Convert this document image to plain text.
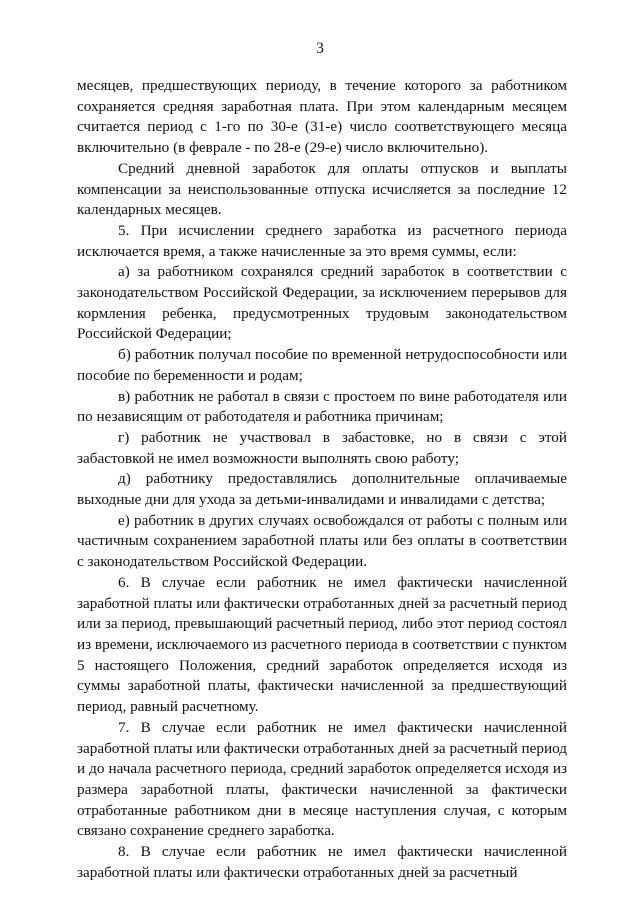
3

месяцев, предшествующих периоду, в течение которого за работником сохраняется средняя заработная плата. При этом календарным месяцем считается период с 1-го по 30-е (31-е) число соответствующего месяца включительно (в феврале - по 28-е (29-е) число включительно).

Средний дневной заработок для оплаты отпусков и выплаты компенсации за неиспользованные отпуска исчисляется за последние 12 календарных месяцев.

5. При исчислении среднего заработка из расчетного периода исключается время, а также начисленные за это время суммы, если:

а) за работником сохранялся средний заработок в соответствии с законодательством Российской Федерации, за исключением перерывов для кормления ребенка, предусмотренных трудовым законодательством Российской Федерации;

б) работник получал пособие по временной нетрудоспособности или пособие по беременности и родам;

в) работник не работал в связи с простоем по вине работодателя или по независящим от работодателя и работника причинам;

г) работник не участвовал в забастовке, но в связи с этой забастовкой не имел возможности выполнять свою работу;

д) работнику предоставлялись дополнительные оплачиваемые выходные дни для ухода за детьми-инвалидами и инвалидами с детства;

е) работник в других случаях освобождался от работы с полным или частичным сохранением заработной платы или без оплаты в соответствии с законодательством Российской Федерации.

6. В случае если работник не имел фактически начисленной заработной платы или фактически отработанных дней за расчетный период или за период, превышающий расчетный период, либо этот период состоял из времени, исключаемого из расчетного периода в соответствии с пунктом 5 настоящего Положения, средний заработок определяется исходя из суммы заработной платы, фактически начисленной за предшествующий период, равный расчетному.

7. В случае если работник не имел фактически начисленной заработной платы или фактически отработанных дней за расчетный период и до начала расчетного периода, средний заработок определяется исходя из размера заработной платы, фактически начисленной за фактически отработанные работником дни в месяце наступления случая, с которым связано сохранение среднего заработка.

8. В случае если работник не имел фактически начисленной заработной платы или фактически отработанных дней за расчетный
